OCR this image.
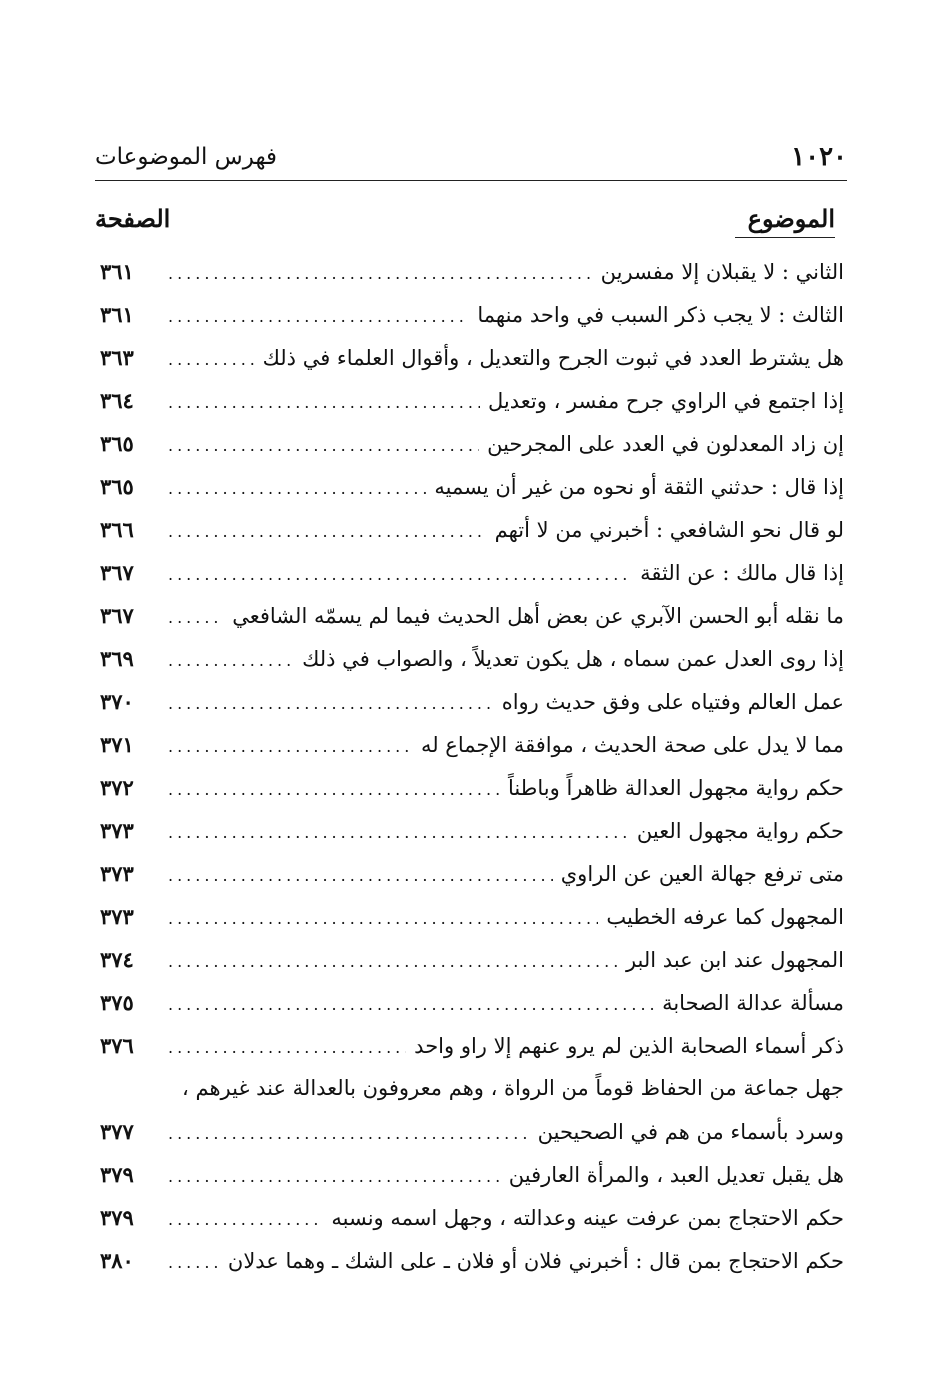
١٠٢٠
فهرس الموضوعات
الموضوع
الصفحة
الثاني : لا يقبلان إلا مفسرين
.....
٣٦١
الثالث : لا يجب ذكر السبب في واحد منهما
.....
٣٦١
هل يشترط العدد في ثبوت الجرح والتعديل ، وأقوال العلماء في ذلك
.....
٣٦٣
إذا اجتمع في الراوي جرح مفسر ، وتعديل
.....
٣٦٤
إن زاد المعدلون في العدد على المجرحين
.....
٣٦٥
إذا قال : حدثني الثقة أو نحوه من غير أن يسميه
.....
٣٦٥
لو قال نحو الشافعي : أخبرني من لا أتهم
.....
٣٦٦
إذا قال مالك : عن الثقة
.....
٣٦٧
ما نقله أبو الحسن الآبري عن بعض أهل الحديث فيما لم يسمّه الشافعي
.....
٣٦٧
إذا روى العدل عمن سماه ، هل يكون تعديلاً ، والصواب في ذلك
.....
٣٦٩
عمل العالم وفتياه على وفق حديث رواه
.....
٣٧٠
مما لا يدل على صحة الحديث ، موافقة الإجماع له
.....
٣٧١
حكم رواية مجهول العدالة ظاهراً وباطناً
.....
٣٧٢
حكم رواية مجهول العين
.....
٣٧٣
متى ترفع جهالة العين عن الراوي
.....
٣٧٣
المجهول كما عرفه الخطيب
.....
٣٧٣
المجهول عند ابن عبد البر
.....
٣٧٤
مسألة عدالة الصحابة
.....
٣٧٥
ذكر أسماء الصحابة الذين لم يرو عنهم إلا راو واحد
.....
٣٧٦
جهل جماعة من الحفاظ قوماً من الرواة ، وهم معروفون بالعدالة عند غيرهم ،
وسرد بأسماء من هم في الصحيحين
.....
٣٧٧
هل يقبل تعديل العبد ، والمرأة العارفين
.....
٣٧٩
حكم الاحتجاج بمن عرفت عينه وعدالته ، وجهل اسمه ونسبه
.....
٣٧٩
حكم الاحتجاج بمن قال : أخبرني فلان أو فلان ـ على الشك ـ وهما عدلان
.....
٣٨٠
